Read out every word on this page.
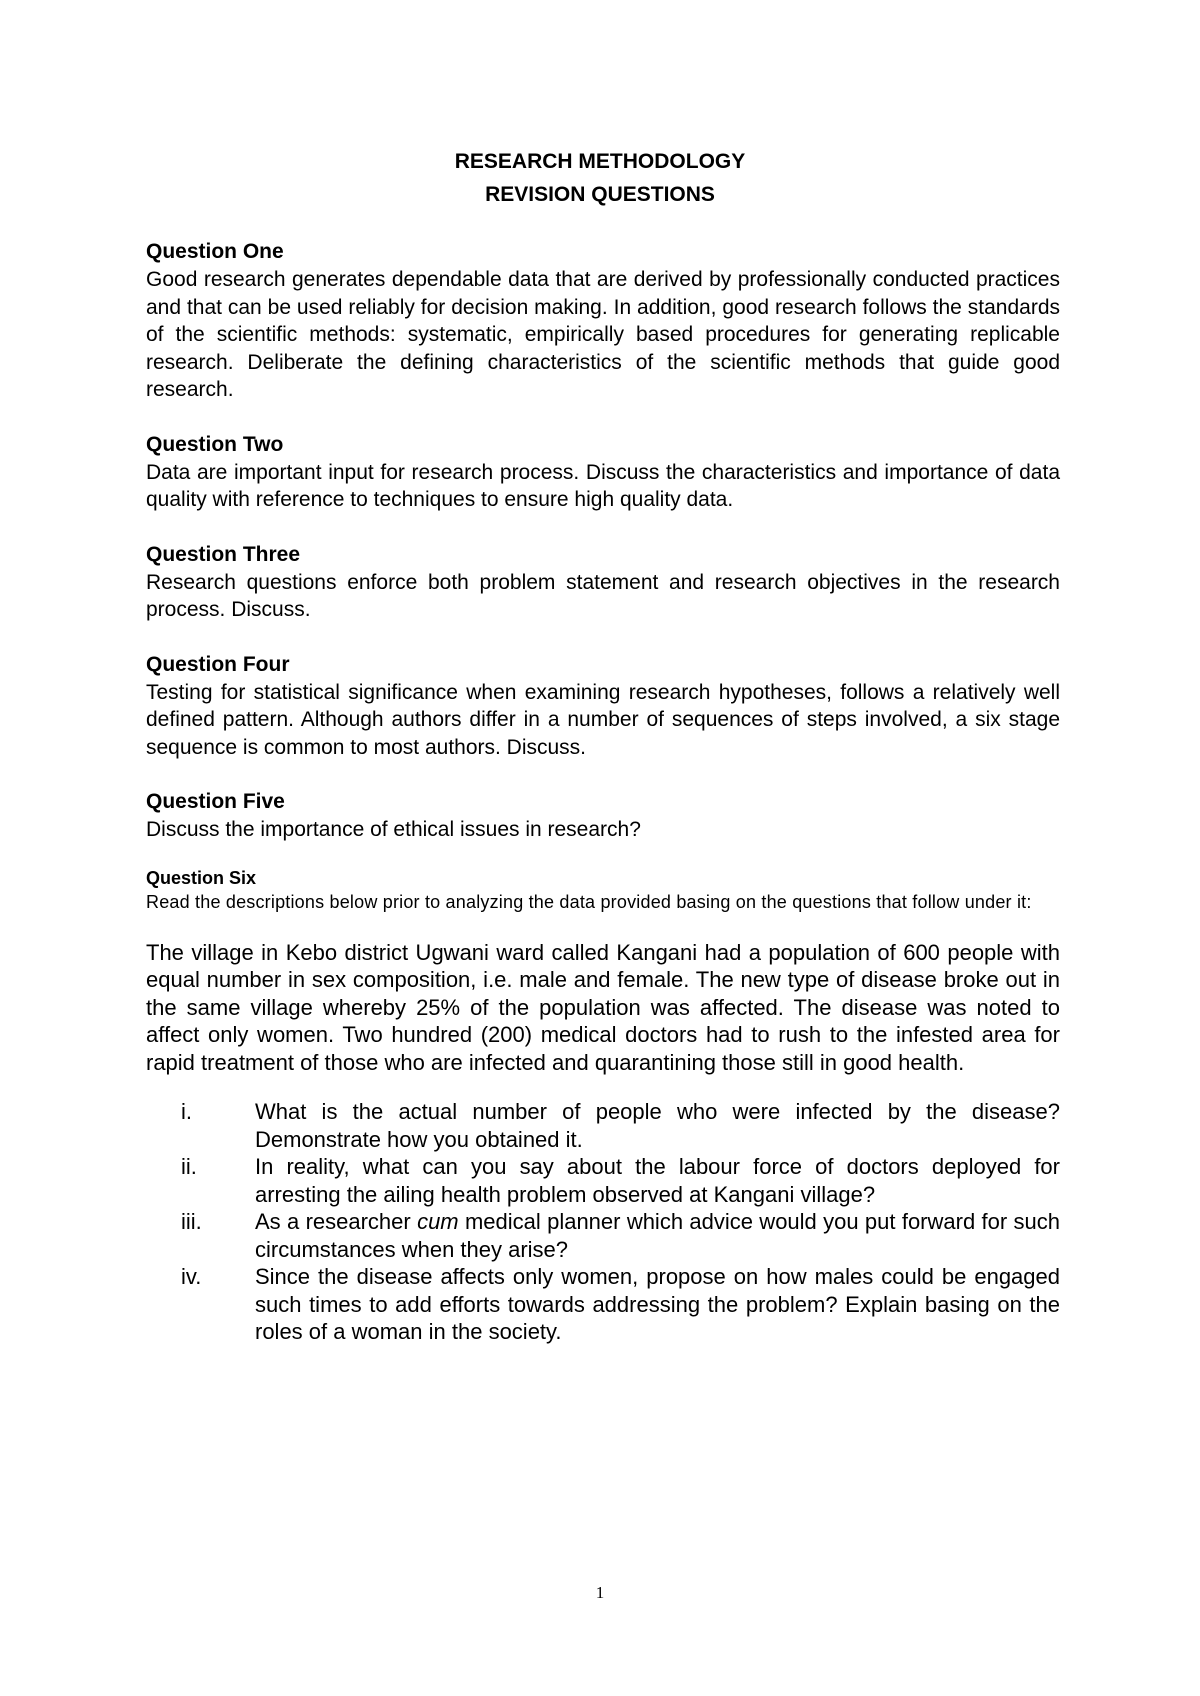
RESEARCH METHODOLOGY
REVISION QUESTIONS

Question One

Good research generates dependable data that are derived by professionally conducted practices and that can be used reliably for decision making. In addition, good research follows the standards of the scientific methods: systematic, empirically based procedures for generating replicable research. Deliberate the defining characteristics of the scientific methods that guide good research.

Question Two

Data are important input for research process. Discuss the characteristics and importance of data quality with reference to techniques to ensure high quality data.

Question Three

Research questions enforce both problem statement and research objectives in the research process. Discuss.

Question Four

Testing for statistical significance when examining research hypotheses, follows a relatively well defined pattern. Although authors differ in a number of sequences of steps involved, a six stage sequence is common to most authors. Discuss.

Question Five

Discuss the importance of ethical issues in research?

Question Six

Read the descriptions below prior to analyzing the data provided basing on the questions that follow under it:

The village in Kebo district Ugwani ward called Kangani had a population of 600 people with equal number in sex composition, i.e. male and female. The new type of disease broke out in the same village whereby 25% of the population was affected. The disease was noted to affect only women. Two hundred (200) medical doctors had to rush to the infested area for rapid treatment of those who are infected and quarantining those still in good health.

i.	What is the actual number of people who were infected by the disease? Demonstrate how you obtained it.
ii.	In reality, what can you say about the labour force of doctors deployed for arresting the ailing health problem observed at Kangani village?
iii. As a researcher cum medical planner which advice would you put forward for such circumstances when they arise?
iv. Since the disease affects only women, propose on how males could be engaged such times to add efforts towards addressing the problem? Explain basing on the roles of a woman in the society.
1
